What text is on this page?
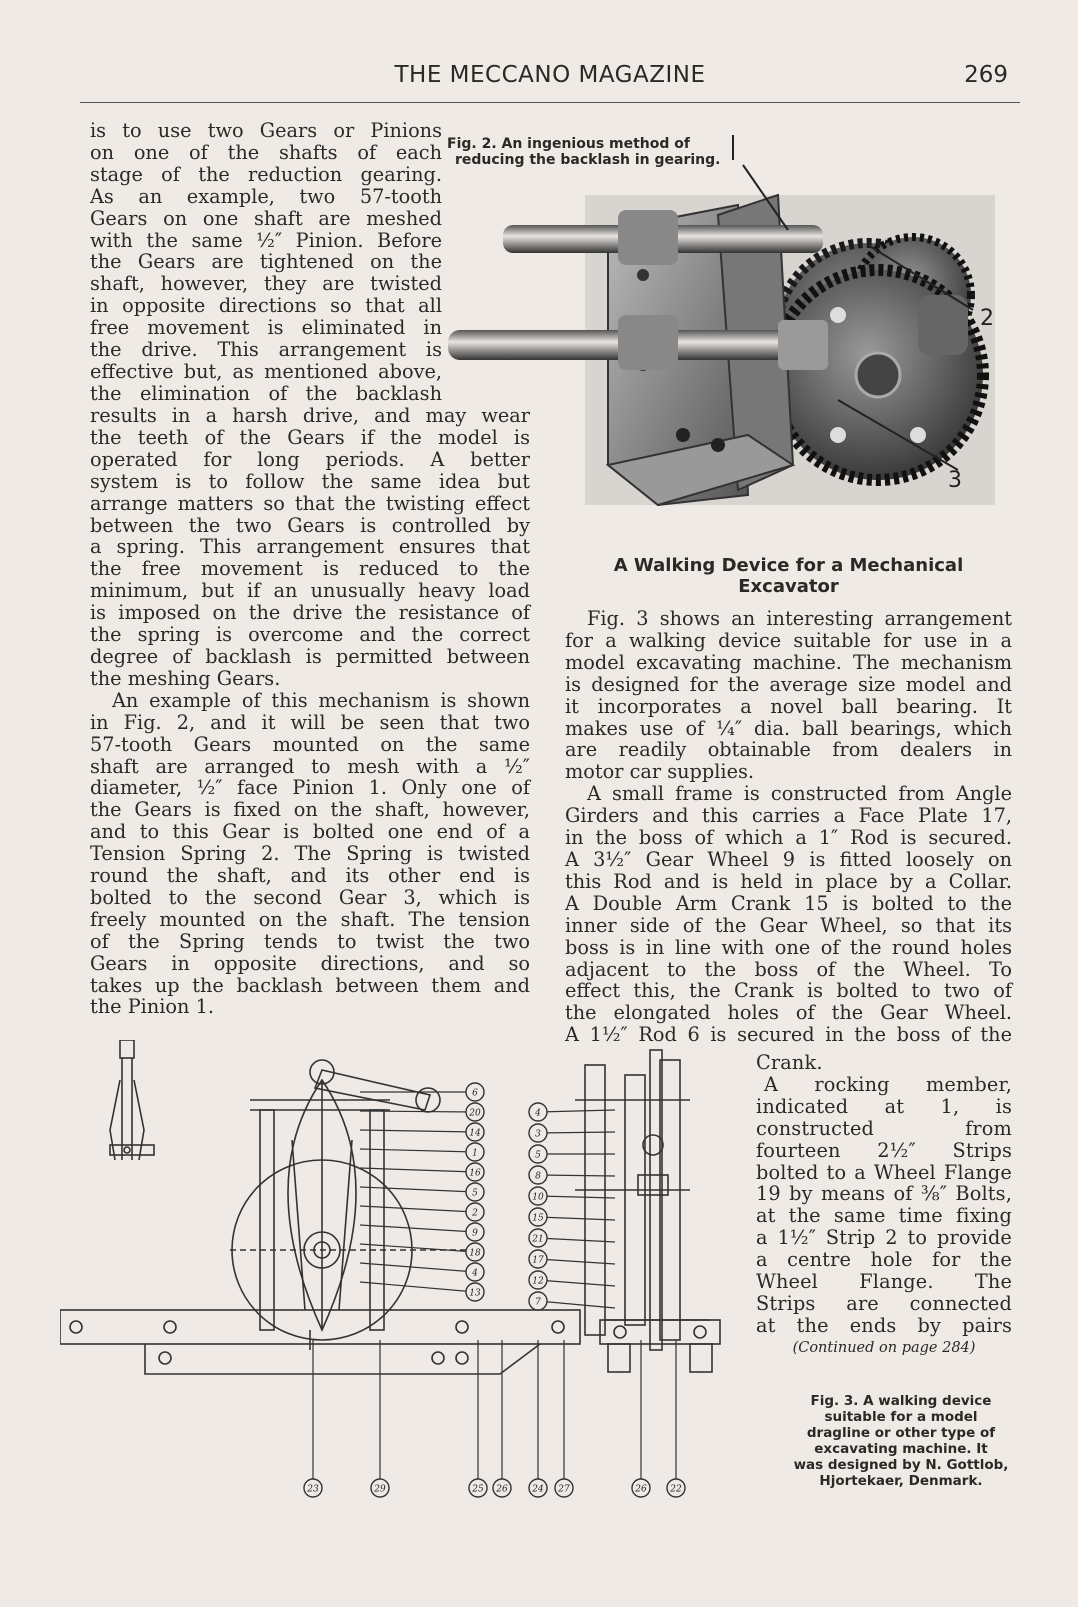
THE MECCANO MAGAZINE	269
is to use two Gears or Pinions
on one of the shafts of each
stage of the reduction gearing.
As an example, two 57-tooth
Gears on one shaft are meshed
with the same ½″ Pinion. Before
the Gears are tightened on the
shaft, however, they are twisted
in opposite directions so that all
free movement is eliminated in
the drive. This arrangement is
effective but, as mentioned above,
the elimination of the backlash
results in a harsh drive, and may wear
the teeth of the Gears if the model is
operated for long periods. A better
system is to follow the same idea but
arrange matters so that the twisting effect
between the two Gears is controlled by
a spring. This arrangement ensures that
the free movement is reduced to the
minimum, but if an unusually heavy load
is imposed on the drive the resistance of
the spring is overcome and the correct
degree of backlash is permitted between
the meshing Gears.
An example of this mechanism is shown
in Fig. 2, and it will be seen that two
57-tooth Gears mounted on the same
shaft are arranged to mesh with a ½″
diameter, ½″ face Pinion 1. Only one of
the Gears is fixed on the shaft, however,
and to this Gear is bolted one end of a
Tension Spring 2. The Spring is twisted
round the shaft, and its other end is
bolted to the second Gear 3, which is
freely mounted on the shaft. The tension
of the Spring tends to twist the two
Gears in opposite directions, and so
takes up the backlash between them and
the Pinion 1.
Fig. 2. An ingenious method of
reducing the backlash in gearing.
2
3
A Walking Device for a Mechanical
Excavator
Fig. 3 shows an interesting arrangement
for a walking device suitable for use in a
model excavating machine. The mechanism
is designed for the average size model and
it incorporates a novel ball bearing. It
makes use of ¼″ dia. ball bearings, which
are readily obtainable from dealers in
motor car supplies.
A small frame is constructed from Angle
Girders and this carries a Face Plate 17,
in the boss of which a 1″ Rod is secured.
A 3½″ Gear Wheel 9 is fitted loosely on
this Rod and is held in place by a Collar.
A Double Arm Crank 15 is bolted to the
inner side of the Gear Wheel, so that its
boss is in line with one of the round holes
adjacent to the boss of the Wheel. To
effect this, the Crank is bolted to two of
the elongated holes of the Gear Wheel.
A 1½″ Rod 6 is secured in the boss of the
Crank.
A rocking member,
indicated at 1, is
constructed from
fourteen 2½″ Strips
bolted to a Wheel Flange
19 by means of ⅜″ Bolts,
at the same time fixing
a 1½″ Strip 2 to provide
a centre hole for the
Wheel Flange. The
Strips are connected
at the ends by pairs
(Continued on page 284)
Fig. 3. A walking device
suitable for a model
dragline or other type of
excavating machine. It
was designed by N. Gottlob,
Hjortekaer, Denmark.
6
20
14
1
16
5
2
9
18
4
13
4
3
5
8
10
15
21
17
12
7
23	29	25 26	24 27	26	22
